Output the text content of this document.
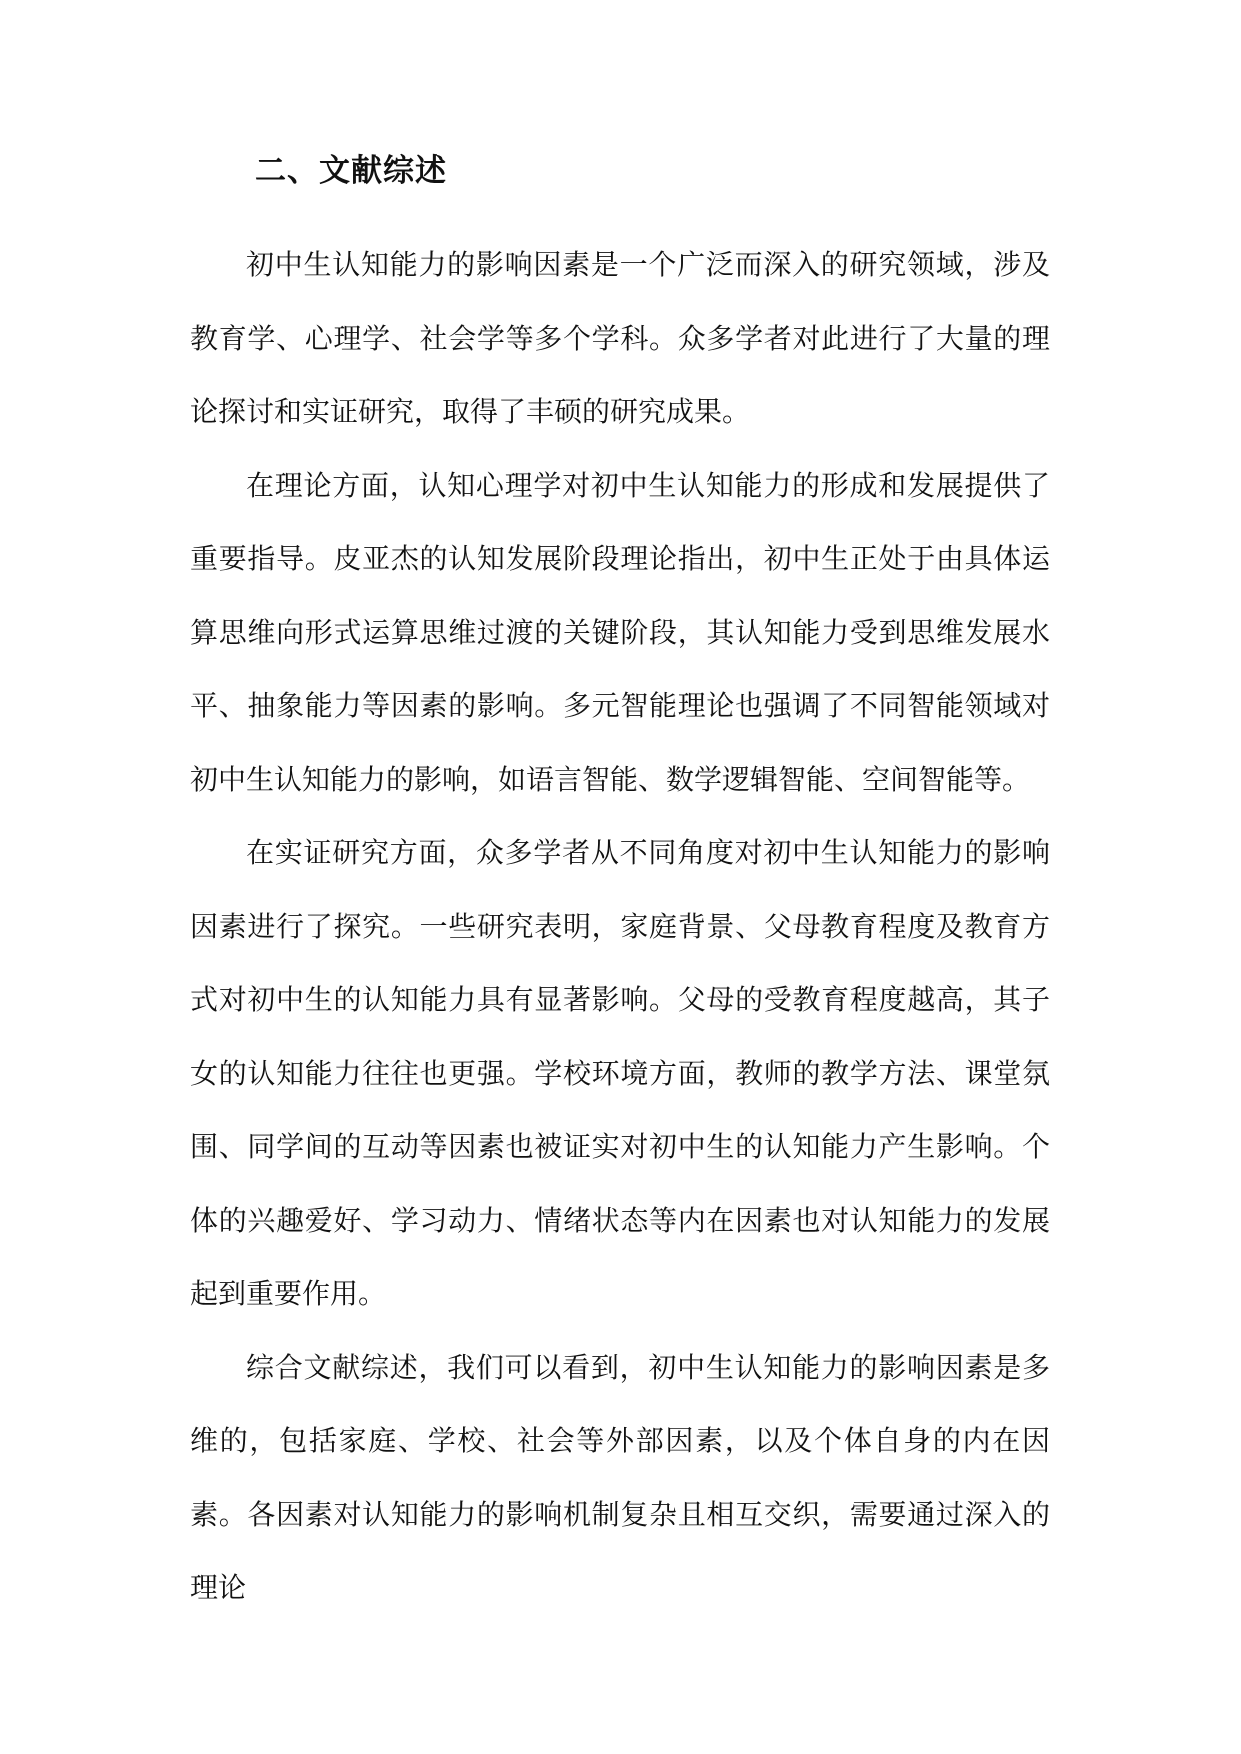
二、文献综述

初中生认知能力的影响因素是一个广泛而深入的研究领域，涉及教育学、心理学、社会学等多个学科。众多学者对此进行了大量的理论探讨和实证研究，取得了丰硕的研究成果。

在理论方面，认知心理学对初中生认知能力的形成和发展提供了重要指导。皮亚杰的认知发展阶段理论指出，初中生正处于由具体运算思维向形式运算思维过渡的关键阶段，其认知能力受到思维发展水平、抽象能力等因素的影响。多元智能理论也强调了不同智能领域对初中生认知能力的影响，如语言智能、数学逻辑智能、空间智能等。

在实证研究方面，众多学者从不同角度对初中生认知能力的影响因素进行了探究。一些研究表明，家庭背景、父母教育程度及教育方式对初中生的认知能力具有显著影响。父母的受教育程度越高，其子女的认知能力往往也更强。学校环境方面，教师的教学方法、课堂氛围、同学间的互动等因素也被证实对初中生的认知能力产生影响。个体的兴趣爱好、学习动力、情绪状态等内在因素也对认知能力的发展起到重要作用。

综合文献综述，我们可以看到，初中生认知能力的影响因素是多维的，包括家庭、学校、社会等外部因素，以及个体自身的内在因素。各因素对认知能力的影响机制复杂且相互交织，需要通过深入的理论
